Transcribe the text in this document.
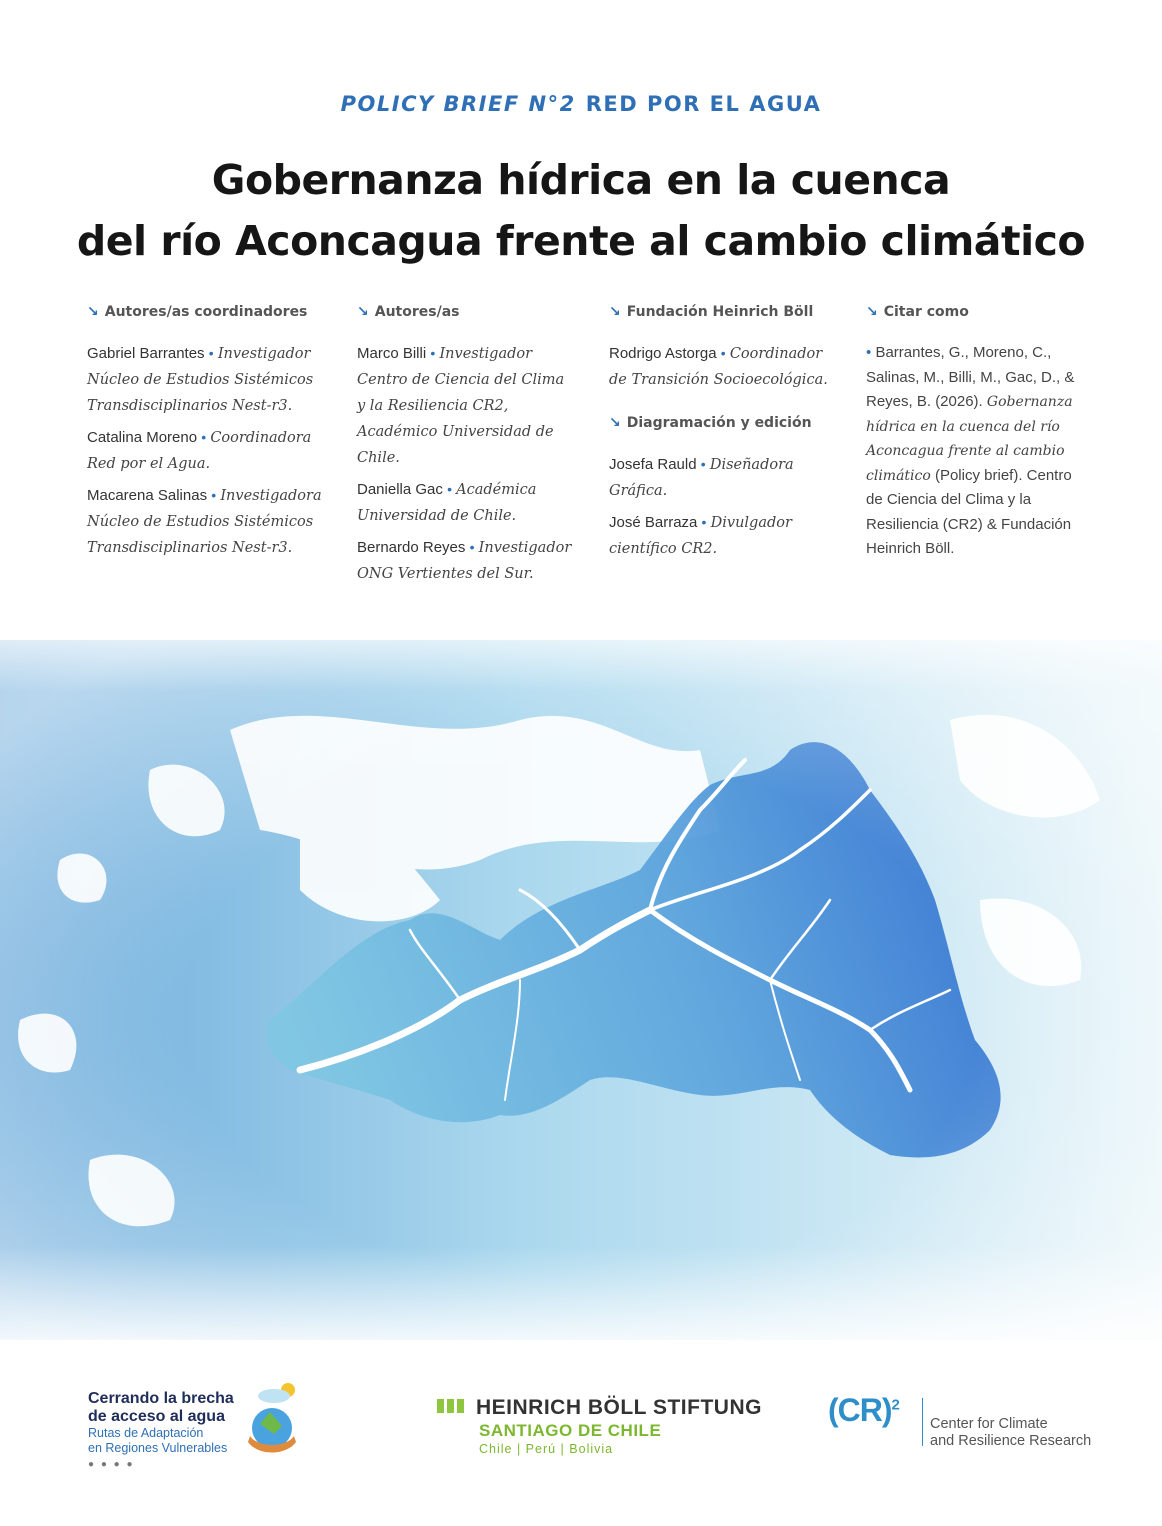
POLICY BRIEF N°2 RED POR EL AGUA
Gobernanza hídrica en la cuenca
del río Aconcagua frente al cambio climático
↘ Autores/as coordinadores
Gabriel Barrantes • Investigador Núcleo de Estudios Sistémicos Transdisciplinarios Nest-r3.
Catalina Moreno • Coordinadora Red por el Agua.
Macarena Salinas • Investigadora Núcleo de Estudios Sistémicos Transdisciplinarios Nest-r3.
↘ Autores/as
Marco Billi • Investigador Centro de Ciencia del Clima y la Resiliencia CR2, Académico Universidad de Chile.
Daniella Gac • Académica Universidad de Chile.
Bernardo Reyes • Investigador ONG Vertientes del Sur.
↘ Fundación Heinrich Böll
Rodrigo Astorga • Coordinador de Transición Socioecológica.
↘ Diagramación y edición
Josefa Rauld • Diseñadora Gráfica.
José Barraza • Divulgador científico CR2.
↘ Citar como
• Barrantes, G., Moreno, C., Salinas, M., Billi, M., Gac, D., & Reyes, B. (2026). Gobernanza hídrica en la cuenca del río Aconcagua frente al cambio climático (Policy brief). Centro de Ciencia del Clima y la Resiliencia (CR2) & Fundación Heinrich Böll.
Cerrando la brecha
de acceso al agua
Rutas de Adaptación
en Regiones Vulnerables
● ● ● ●
HEINRICH BÖLL STIFTUNG
SANTIAGO DE CHILE
Chile | Perú | Bolivia
(CR)$^2$
Center for Climate
and Resilience Research
